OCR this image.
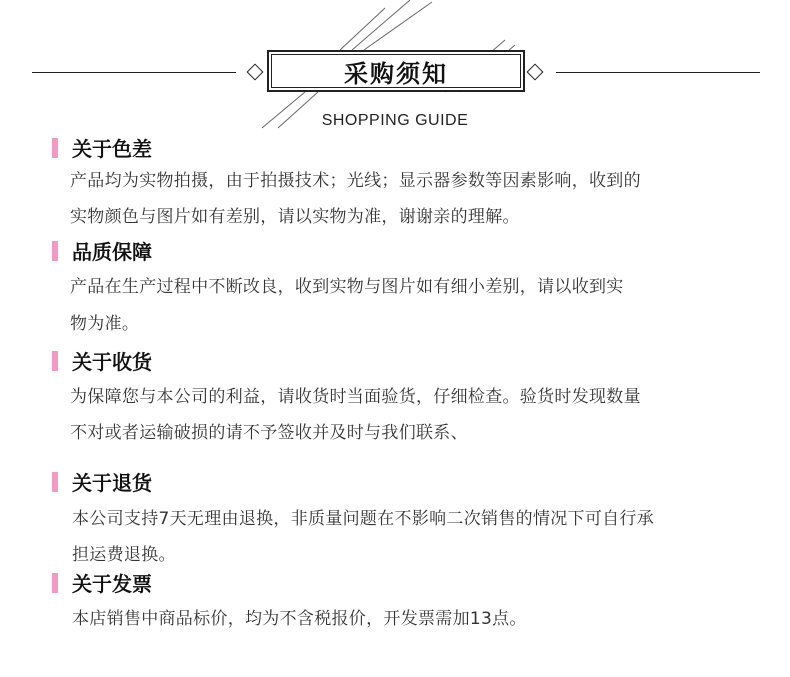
采购须知
SHOPPING GUIDE
关于色差
产品均为实物拍摄，由于拍摄技术；光线；显示器参数等因素影响，收到的
实物颜色与图片如有差别，请以实物为准，谢谢亲的理解。
品质保障
产品在生产过程中不断改良，收到实物与图片如有细小差别，请以收到实
物为准。
关于收货
为保障您与本公司的利益，请收货时当面验货，仔细检查。验货时发现数量
不对或者运输破损的请不予签收并及时与我们联系、
关于退货
本公司支持7天无理由退换，非质量问题在不影响二次销售的情况下可自行承
担运费退换。
关于发票
本店销售中商品标价，均为不含税报价，开发票需加13点。
